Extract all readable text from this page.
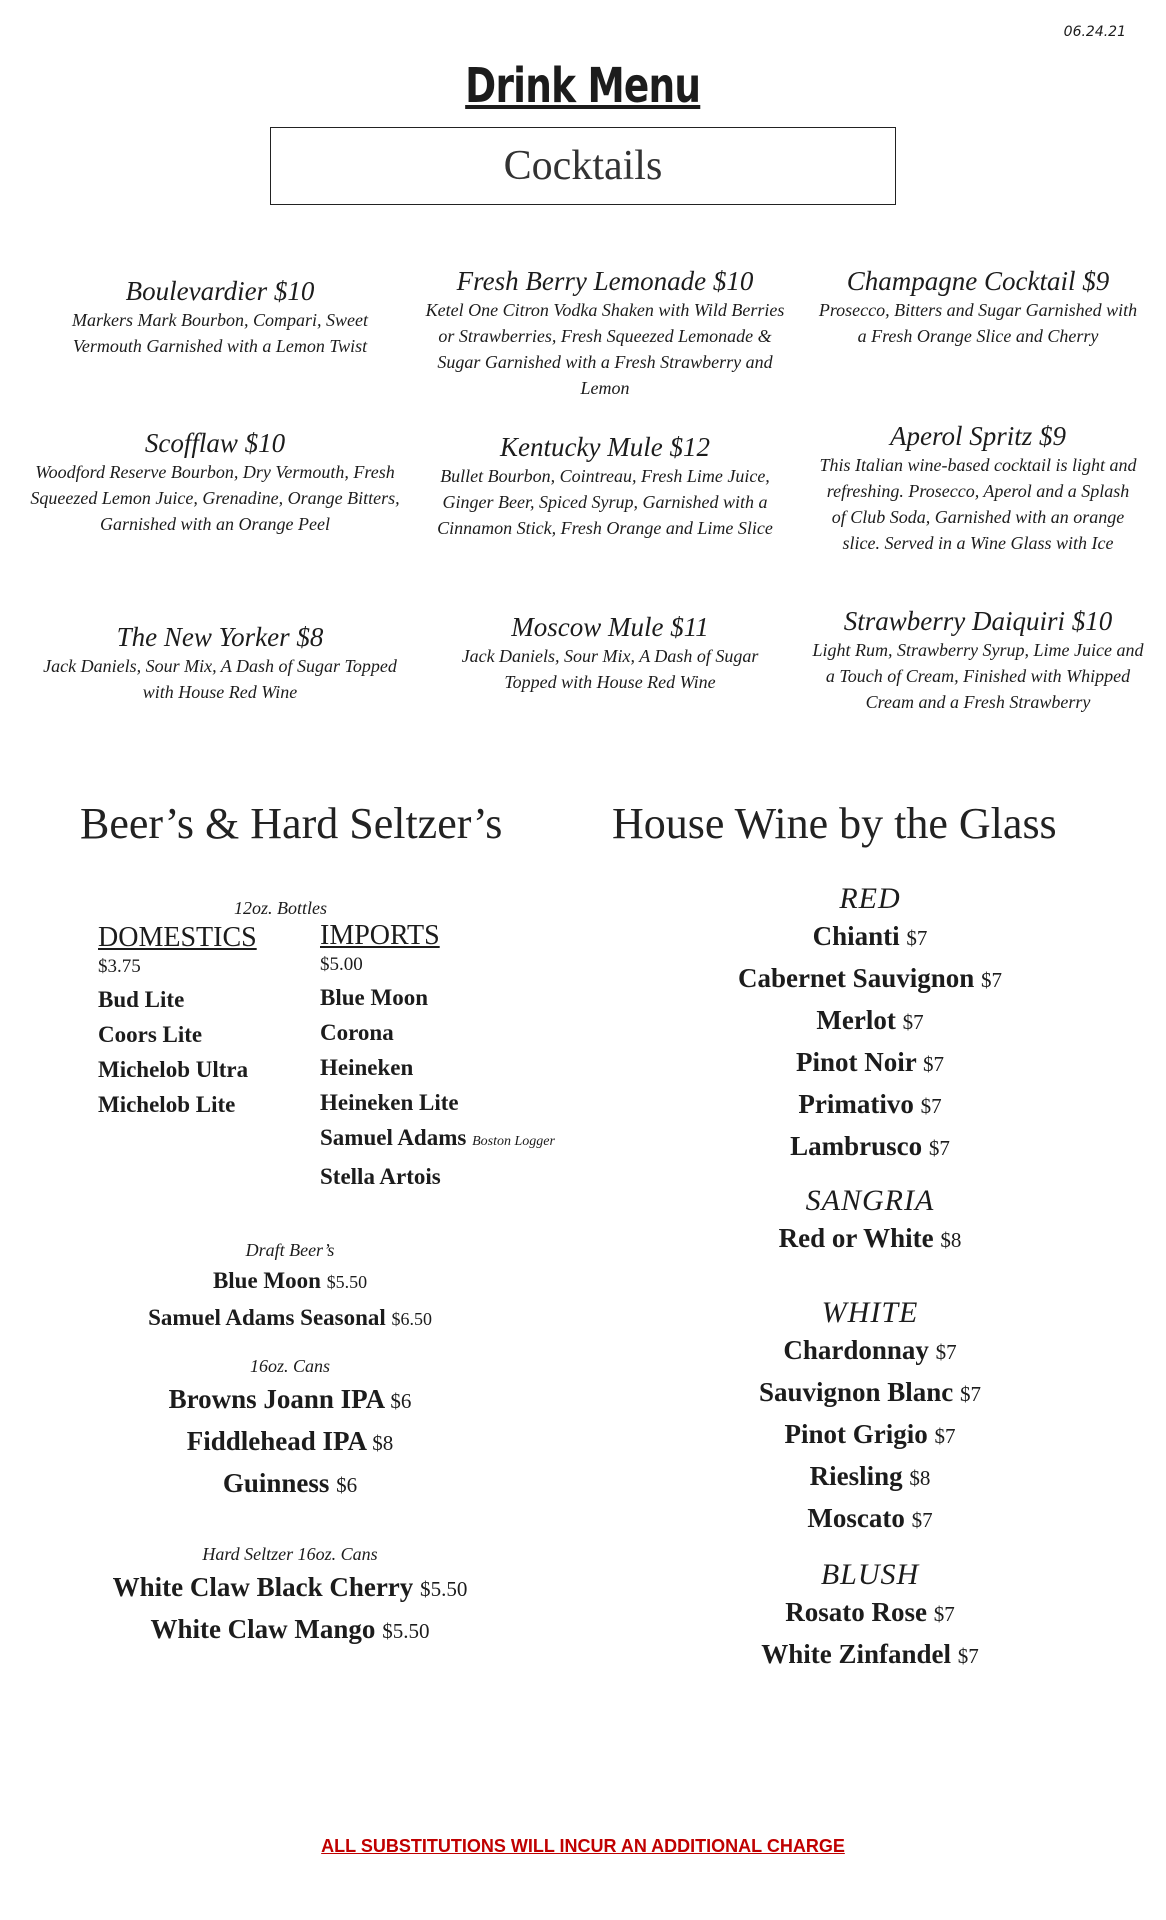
06.24.21
Drink Menu
Cocktails
Boulevardier $10
Markers Mark Bourbon, Compari, Sweet Vermouth Garnished with a Lemon Twist
Fresh Berry Lemonade $10
Ketel One Citron Vodka Shaken with Wild Berries or Strawberries, Fresh Squeezed Lemonade & Sugar Garnished with a Fresh Strawberry and Lemon
Champagne Cocktail $9
Prosecco, Bitters and Sugar Garnished with a Fresh Orange Slice and Cherry
Scofflaw $10
Woodford Reserve Bourbon, Dry Vermouth, Fresh Squeezed Lemon Juice, Grenadine, Orange Bitters, Garnished with an Orange Peel
Kentucky Mule $12
Bullet Bourbon, Cointreau, Fresh Lime Juice, Ginger Beer, Spiced Syrup, Garnished with a Cinnamon Stick, Fresh Orange and Lime Slice
Aperol Spritz $9
This Italian wine-based cocktail is light and refreshing. Prosecco, Aperol and a Splash of Club Soda, Garnished with an orange slice. Served in a Wine Glass with Ice
The New Yorker $8
Jack Daniels, Sour Mix, A Dash of Sugar Topped with House Red Wine
Moscow Mule $11
Jack Daniels, Sour Mix, A Dash of Sugar Topped with House Red Wine
Strawberry Daiquiri $10
Light Rum, Strawberry Syrup, Lime Juice and a Touch of Cream, Finished with Whipped Cream and a Fresh Strawberry
Beer’s & Hard Seltzer’s House Wine by the Glass
12oz. Bottles
DOMESTICS
$3.75
Bud Lite
Coors Lite
Michelob Ultra
Michelob Lite
IMPORTS
$5.00
Blue Moon
Corona
Heineken
Heineken Lite
Samuel Adams Boston Logger
Stella Artois
Draft Beer’s
Blue Moon $5.50
Samuel Adams Seasonal $6.50
16oz. Cans
Browns Joann IPA $6
Fiddlehead IPA $8
Guinness $6
Hard Seltzer 16oz. Cans
White Claw Black Cherry $5.50
White Claw Mango $5.50
RED
Chianti $7
Cabernet Sauvignon $7
Merlot $7
Pinot Noir $7
Primativo $7
Lambrusco $7
SANGRIA
Red or White $8
WHITE
Chardonnay $7
Sauvignon Blanc $7
Pinot Grigio $7
Riesling $8
Moscato $7
BLUSH
Rosato Rose $7
White Zinfandel $7
ALL SUBSTITUTIONS WILL INCUR AN ADDITIONAL CHARGE
